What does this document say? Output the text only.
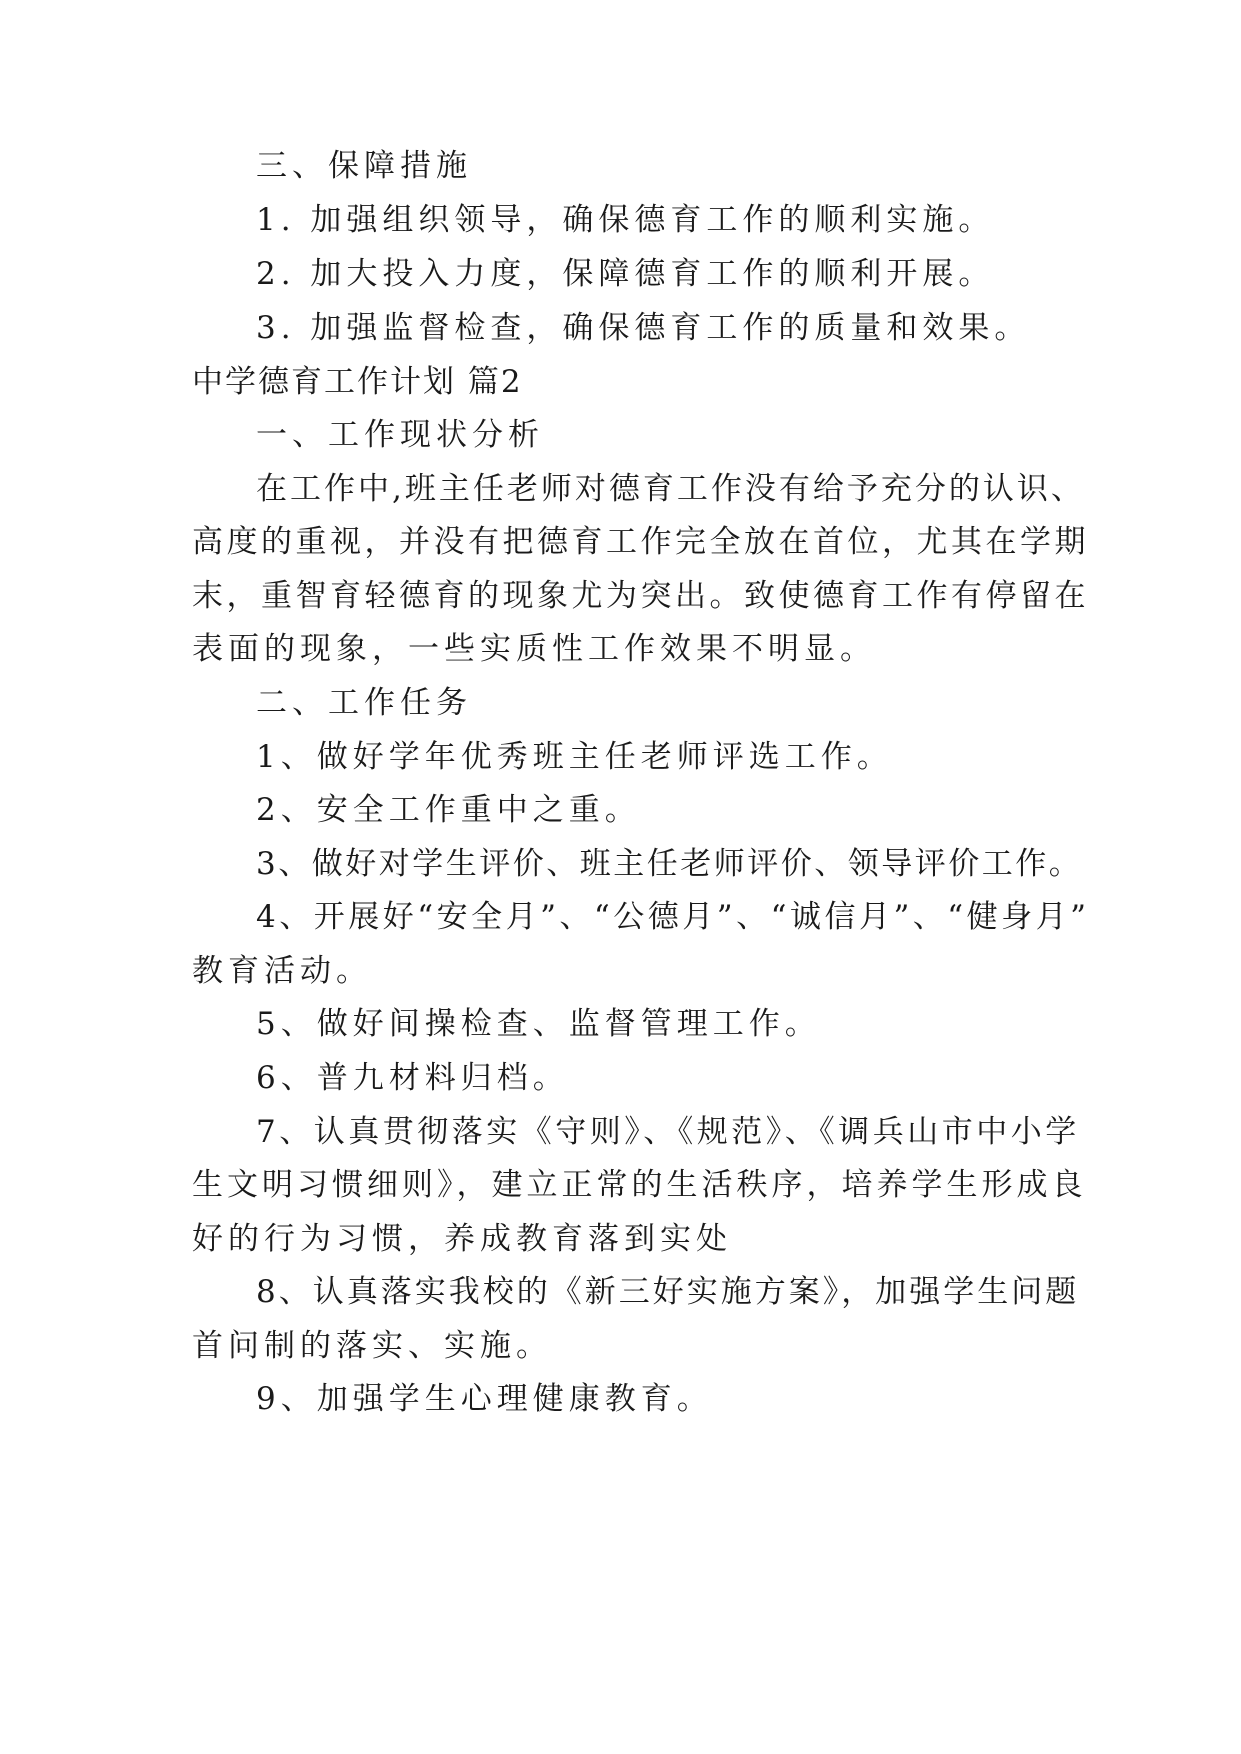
三、保障措施
1. 加强组织领导，确保德育工作的顺利实施。
2. 加大投入力度，保障德育工作的顺利开展。
3. 加强监督检查，确保德育工作的质量和效果。
中学德育工作计划 篇2
一、工作现状分析
在工作中,班主任老师对德育工作没有给予充分的认识、
高度的重视，并没有把德育工作完全放在首位，尤其在学期
末，重智育轻德育的现象尤为突出。致使德育工作有停留在
表面的现象，一些实质性工作效果不明显。
二、工作任务
1、做好学年优秀班主任老师评选工作。
2、安全工作重中之重。
3、做好对学生评价、班主任老师评价、领导评价工作。
4、开展好“安全月”、“公德月”、“诚信月”、“健身月”
教育活动。
5、做好间操检查、监督管理工作。
6、普九材料归档。
7、认真贯彻落实《守则》、《规范》、《调兵山市中小学
生文明习惯细则》，建立正常的生活秩序，培养学生形成良
好的行为习惯，养成教育落到实处
8、认真落实我校的《新三好实施方案》，加强学生问题
首问制的落实、实施。
9、加强学生心理健康教育。
